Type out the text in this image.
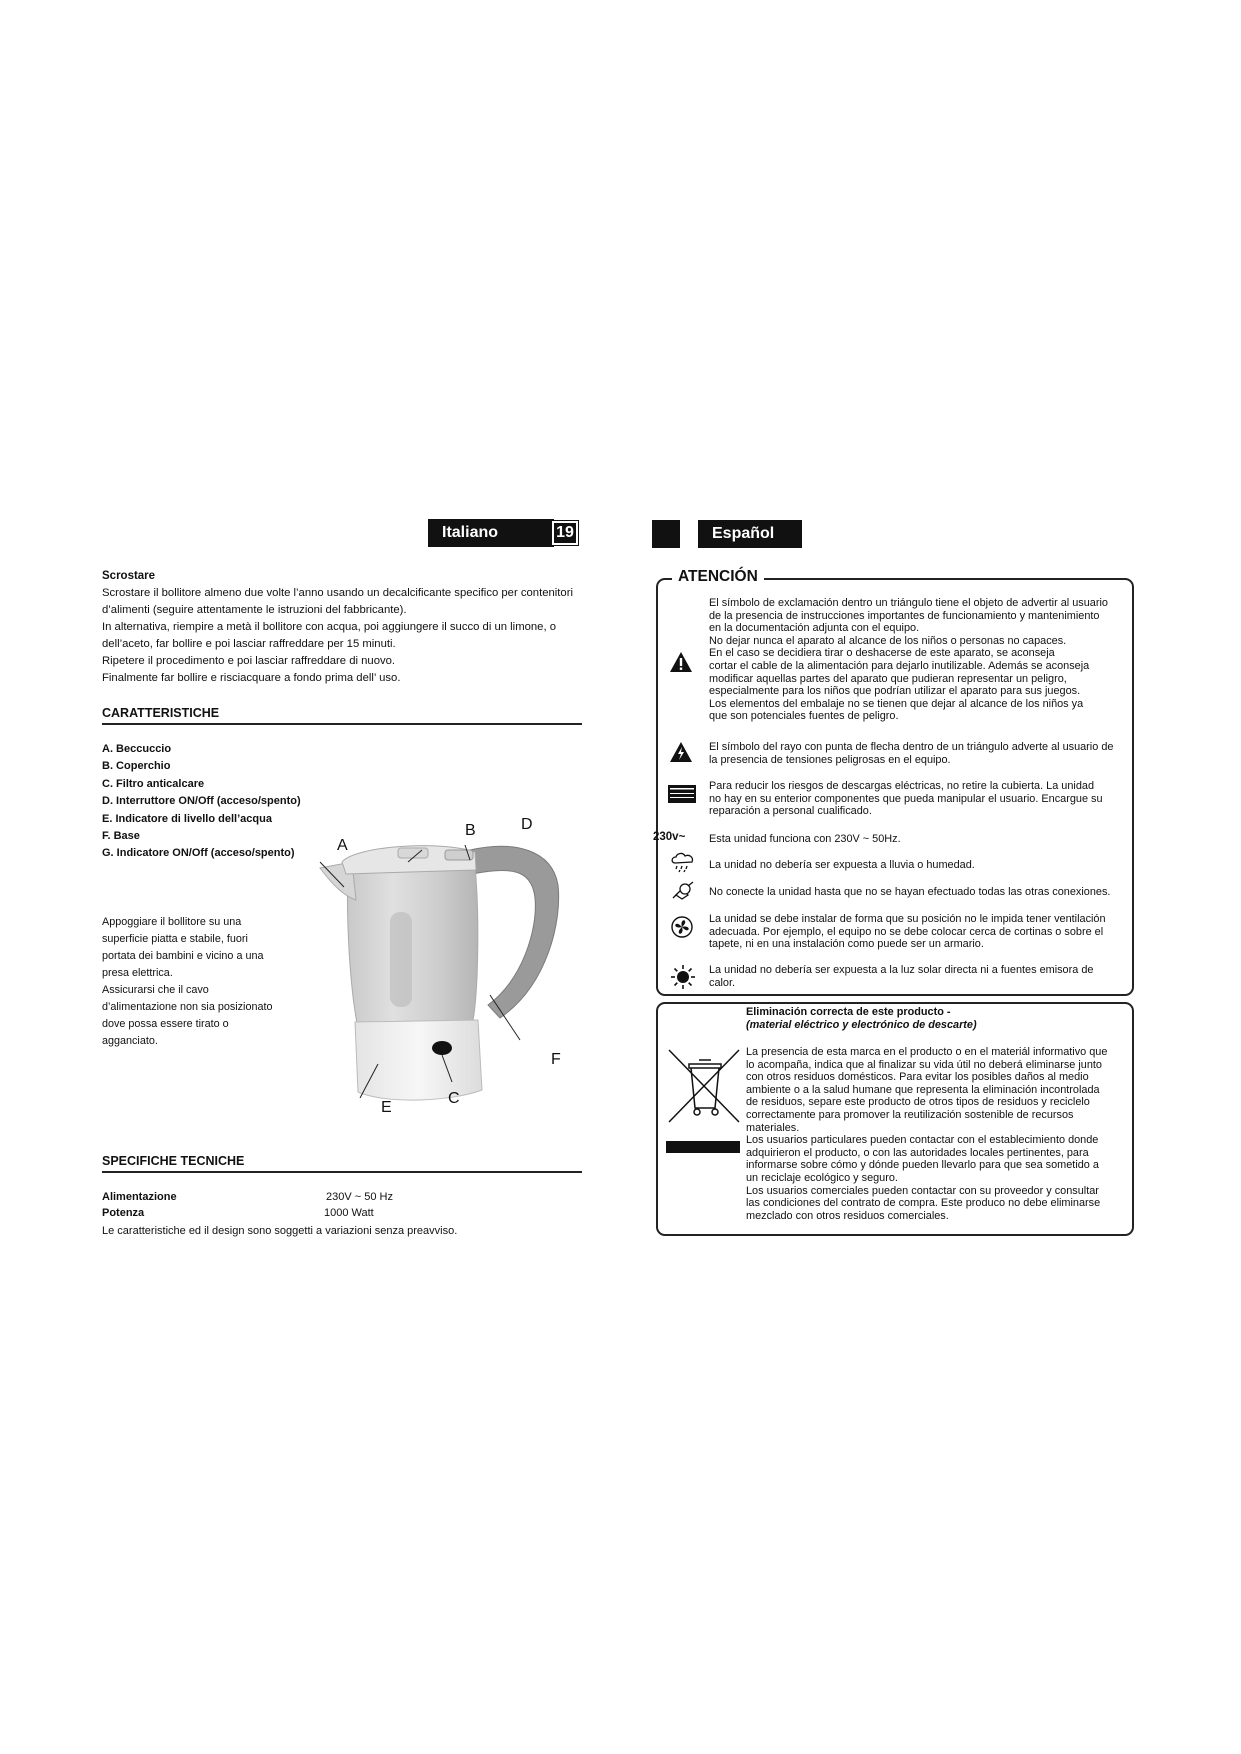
Italiano	19	Español

Scrostare

Scrostare il bollitore almeno due volte l’anno usando un decalcificante specifico per contenitori

d’alimenti (seguire attentamente le istruzioni del fabbricante).

In alternativa, riempire a metà il bollitore con acqua, poi aggiungere il succo di un limone, o

dell’aceto, far bollire e poi lasciar raffreddare per 15 minuti.

Ripetere il procedimento e poi lasciar raffreddare di nuovo.

Finalmente far bollire e risciacquare a fondo prima dell’ uso.

CARATTERISTICHE

A. Beccuccio

B. Coperchio

C. Filtro anticalcare

D. Interruttore ON/Off (acceso/spento)

E. Indicatore di livello dell’acqua

F. Base

G. Indicatore ON/Off (acceso/spento)

Appoggiare il bollitore su una

superficie piatta e stabile, fuori

portata dei bambini e vicino a una

presa elettrica.

Assicurarsi che il cavo

d’alimentazione non sia posizionato

dove possa essere tirato o

agganciato.

A
B	D
F
C
E
SPECIFICHE TECNICHE
Alimentazione	230V ~ 50 Hz
Potenza	1000 Watt
Le caratteristiche ed il design sono soggetti a variazioni senza preavviso.
ATENCIÓN

El símbolo de exclamación dentro un triángulo tiene el objeto de advertir al usuario

de la presencia de instrucciones importantes de funcionamiento y mantenimiento

en la documentación adjunta con el equipo.

No dejar nunca el aparato al alcance de los niños o personas no capaces.

En el caso se decidiera tirar o deshacerse de este aparato, se aconseja

cortar el cable de la alimentación para dejarlo inutilizable. Además se aconseja

modificar aquellas partes del aparato que pudieran representar un peligro,

especialmente para los niños que podrían utilizar el aparato para sus juegos.

Los elementos del embalaje no se tienen que dejar al alcance de los niños ya

que son potenciales fuentes de peligro.

El símbolo del rayo con punta de flecha dentro de un triángulo adverte al usuario de

la presencia de tensiones peligrosas en el equipo.

Para reducir los riesgos de descargas eléctricas, no retire la cubierta. La unidad

no hay en su enterior componentes que pueda manipular el usuario. Encargue su

reparación a personal cualificado.

230v~ Esta unidad funciona con 230V ~ 50Hz.
La unidad no debería ser expuesta a lluvia o humedad.
No conecte la unidad hasta que no se hayan efectuado todas las otras conexiones.

La unidad se debe instalar de forma que su posición no le impida tener ventilación

adecuada. Por ejemplo, el equipo no se debe colocar cerca de cortinas o sobre el

tapete, ni en una instalación como puede ser un armario.

La unidad no debería ser expuesta a la luz solar directa ni a fuentes emisora de

calor.

Eliminación correcta de este producto -
(material eléctrico y electrónico de descarte)

La presencia de esta marca en el producto o en el materiál informativo que

lo acompaña, indica que al finalizar su vida útil no deberá eliminarse junto

con otros residuos domésticos. Para evitar los posibles daños al medio

ambiente o a la salud humane que representa la eliminación incontrolada

de residuos, separe este producto de otros tipos de residuos y reciclelo

correctamente para promover la reutilización sostenible de recursos

materiales.

Los usuarios particulares pueden contactar con el establecimiento donde

adquirieron el producto, o con las autoridades locales pertinentes, para

informarse sobre cómo y dónde pueden llevarlo para que sea sometido a

un reciclaje ecológico y seguro.

Los usuarios comerciales pueden contactar con su proveedor y consultar

las condiciones del contrato de compra. Este produco no debe eliminarse

mezclado con otros residuos comerciales.
